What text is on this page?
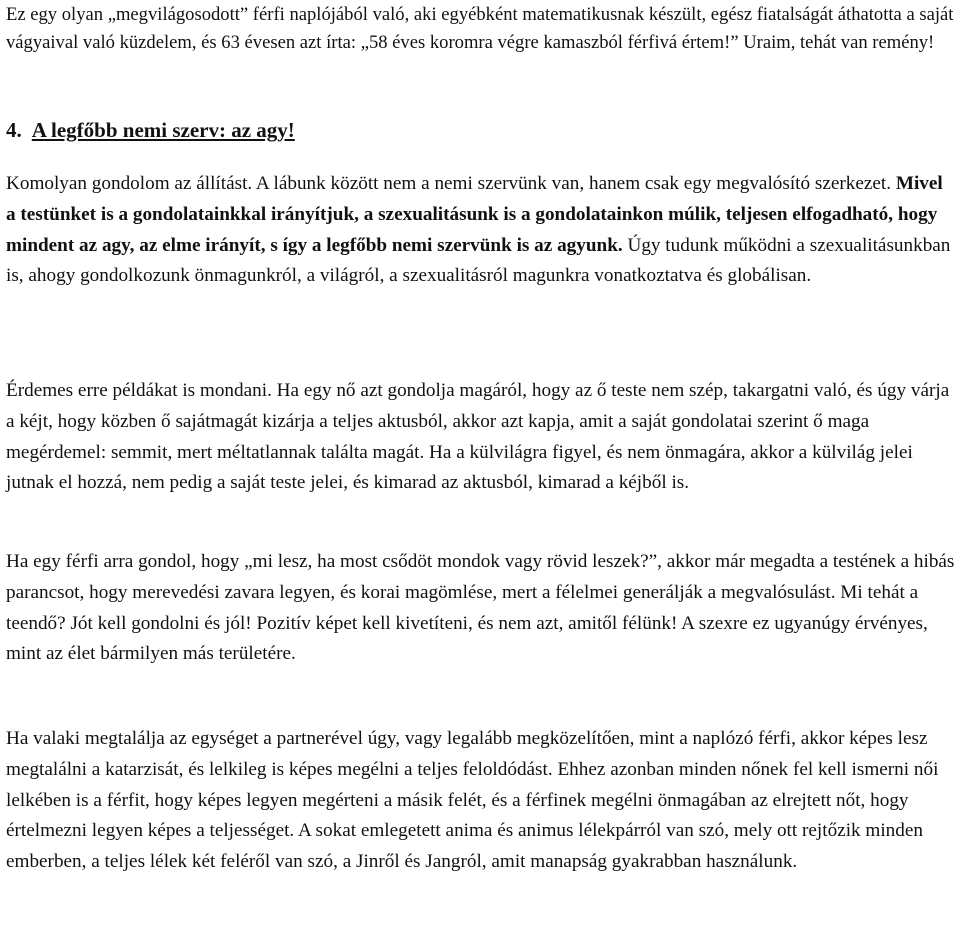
Ez egy olyan „megvilágosodott” férfi naplójából való, aki egyébként matematikusnak készült, egész fiatalságát áthatotta a saját vágyaival való küzdelem, és 63 évesen azt írta: „58 éves koromra végre kamaszból férfivá értem!” Uraim, tehát van remény!

4. A legfőbb nemi szerv: az agy!

Komolyan gondolom az állítást. A lábunk között nem a nemi szervünk van, hanem csak egy megvalósító szerkezet. Mivel a testünket is a gondolatainkkal irányítjuk, a szexualitásunk is a gondolatainkon múlik, teljesen elfogadható, hogy mindent az agy, az elme irányít, s így a legfőbb nemi szervünk is az agyunk. Úgy tudunk működni a szexualitásunkban is, ahogy gondolkozunk önmagunkról, a világról, a szexualitásról magunkra vonatkoztatva és globálisan.

Érdemes erre példákat is mondani. Ha egy nő azt gondolja magáról, hogy az ő teste nem szép, takargatni való, és úgy várja a kéjt, hogy közben ő sajátmagát kizárja a teljes aktusból, akkor azt kapja, amit a saját gondolatai szerint ő maga megérdemel: semmit, mert méltatlannak találta magát. Ha a külvilágra figyel, és nem önmagára, akkor a külvilág jelei jutnak el hozzá, nem pedig a saját teste jelei, és kimarad az aktusból, kimarad a kéjből is.

Ha egy férfi arra gondol, hogy „mi lesz, ha most csődöt mondok vagy rövid leszek?”, akkor már megadta a testének a hibás parancsot, hogy merevedési zavara legyen, és korai magömlése, mert a félelmei generálják a megvalósulást. Mi tehát a teendő? Jót kell gondolni és jól! Pozitív képet kell kivetíteni, és nem azt, amitől félünk! A szexre ez ugyanúgy érvényes, mint az élet bármilyen más területére.

Ha valaki megtalálja az egységet a partnerével úgy, vagy legalább megközelítően, mint a naplózó férfi, akkor képes lesz megtalálni a katarzisát, és lelkileg is képes megélni a teljes feloldódást. Ehhez azonban minden nőnek fel kell ismerni női lelkében is a férfit, hogy képes legyen megérteni a másik felét, és a férfinek megélni önmagában az elrejtett nőt, hogy értelmezni legyen képes a teljességet. A sokat emlegetett anima és animus lélekpárról van szó, mely ott rejtőzik minden emberben, a teljes lélek két feléről van szó, a Jinről és Jangról, amit manapság gyakrabban használunk.
